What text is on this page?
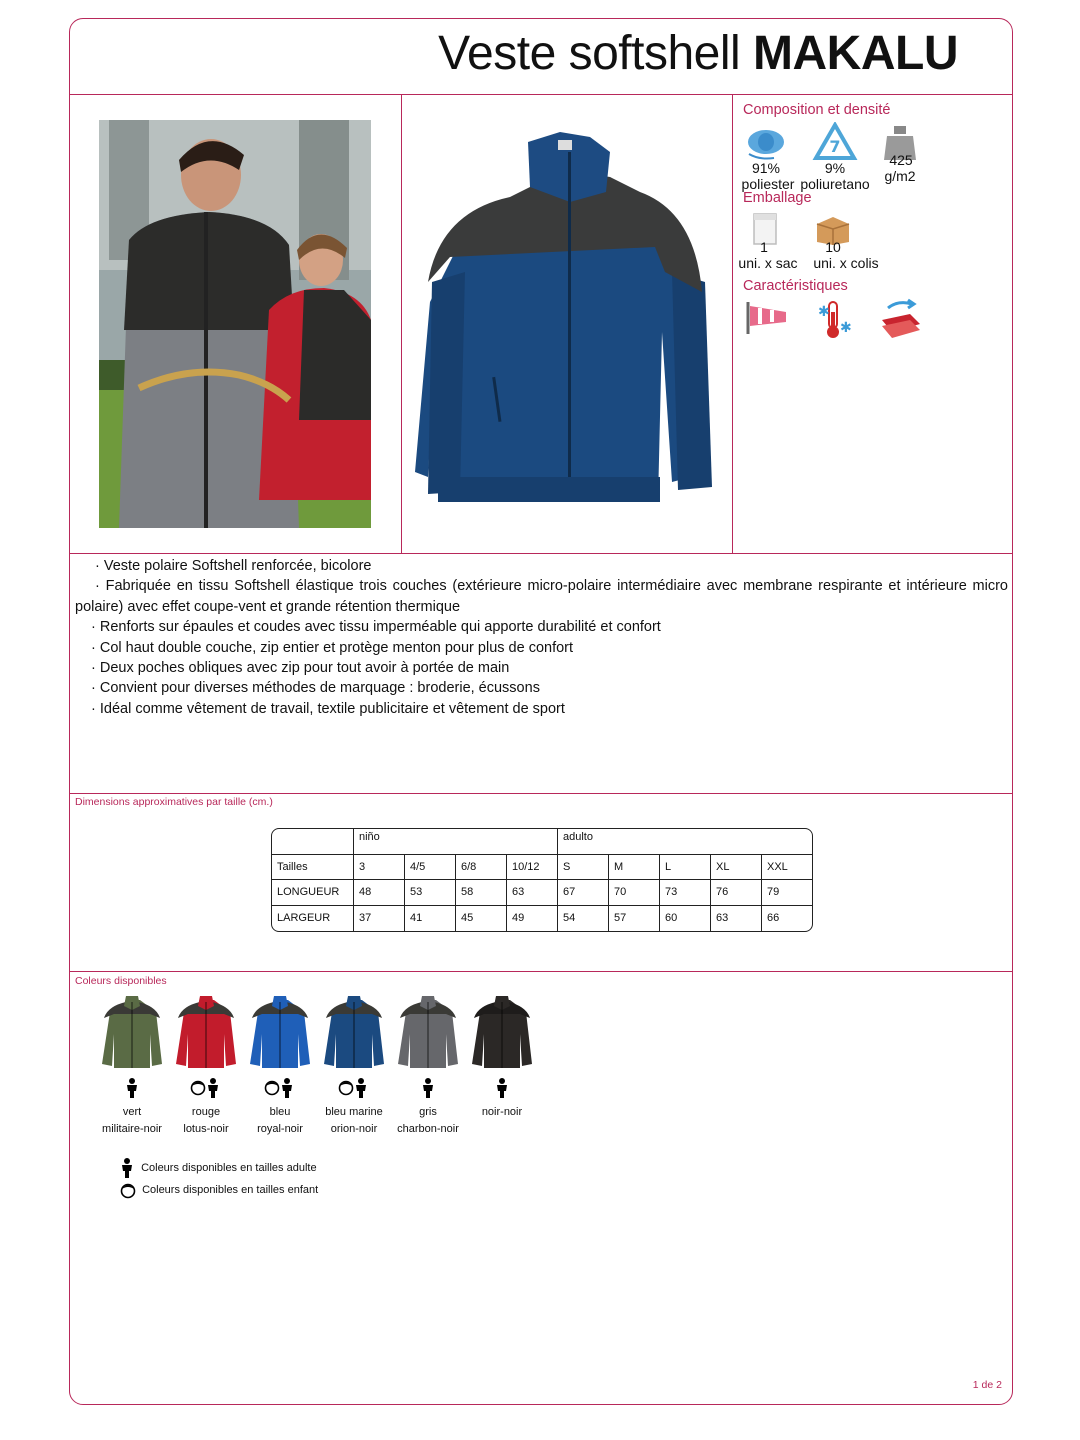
Veste softshell MAKALU
Composition et densité
7
91%	9%	425
poliester poliuretano	g/m2
Emballage
1	10
uni. x sac	uni. x colis
Caractéristiques
✱
✱

· Veste polaire Softshell renforcée, bicolore

· Fabriquée en tissu Softshell élastique trois couches (extérieure micro-polaire intermédiaire avec membrane respirante et intérieure micro polaire) avec effet coupe-vent et grande rétention thermique

· Renforts sur épaules et coudes avec tissu imperméable qui apporte durabilité et confort

· Col haut double couche, zip entier et protège menton pour plus de confort

· Deux poches obliques avec zip pour tout avoir à portée de main

· Convient pour diverses méthodes de marquage : broderie, écussons

· Idéal comme vêtement de travail, textile publicitaire et vêtement de sport

Dimensions approximatives par taille (cm.)
	niño				adulto				
Tailles	3	4/5	6/8	10/12	S	M	L	XL	XXL
LONGUEUR	48	53	58	63	67	70	73	76	79
LARGEUR	37	41	45	49	54	57	60	63	66
Coleurs disponibles
vert
militaire-noir
rouge
lotus-noir
bleu
royal-noir
bleu marine
orion-noir
gris
charbon-noir
noir-noir
Coleurs disponibles en tailles adulte
Coleurs disponibles en tailles enfant
1 de 2
